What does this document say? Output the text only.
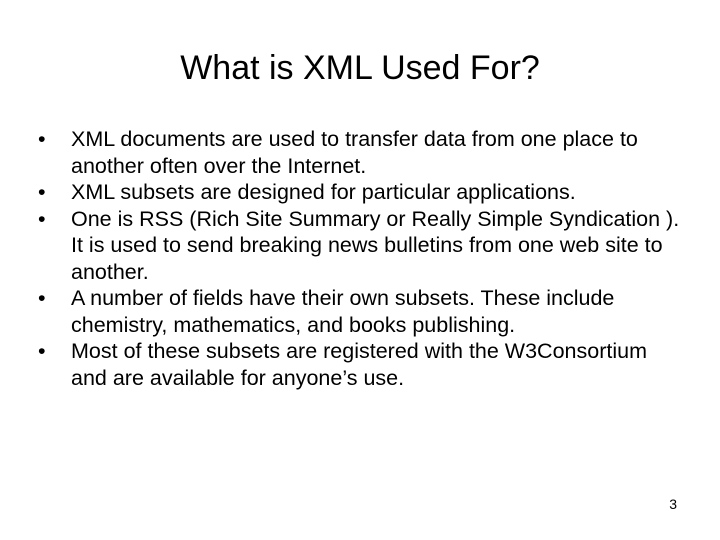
What is XML Used For?
•	XML documents are used to transfer data from one place to another often over the Internet.
•	XML subsets are designed for particular applications.
•	One is RSS (Rich Site Summary or Really Simple Syndication ). It is used to send breaking news bulletins from one web site to another.
•	A number of fields have their own subsets. These include chemistry, mathematics, and books publishing.
•	Most of these subsets are registered with the W3Consortium and are available for anyone’s use.
3
